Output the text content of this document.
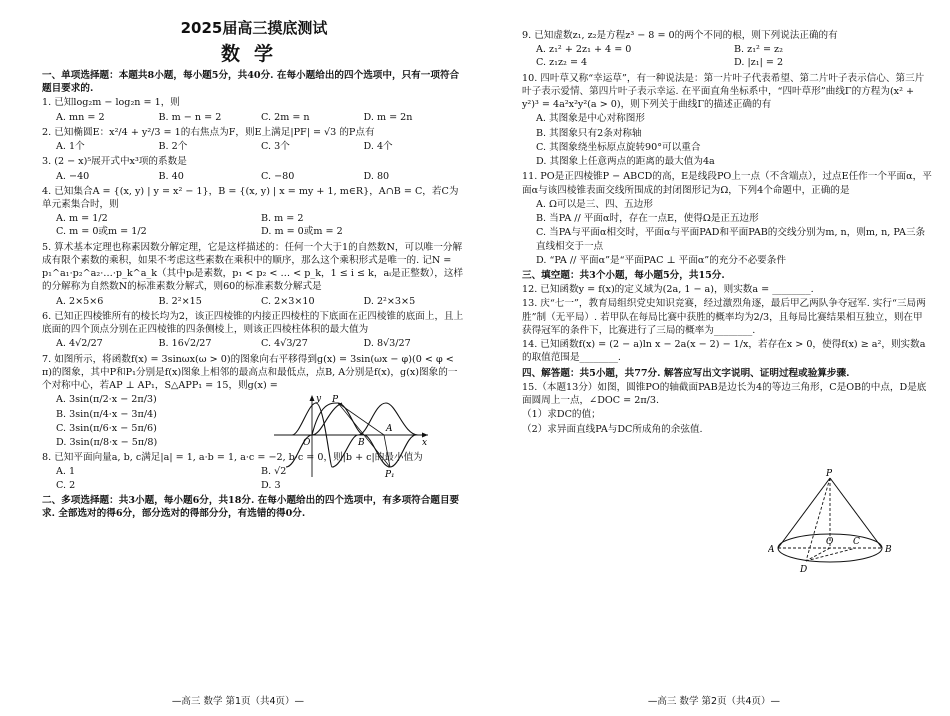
2025届高三摸底测试
数学
一、单项选择题：本题共8小题，每小题5分，共40分. 在每小题给出的四个选项中，只有一项符合题目要求的.
1. 已知log₂m − log₂n = 1，则
A. mn = 2	B. m − n = 2	C. 2m = n	D. m = 2n
2. 已知椭圆E：x²/4 + y²/3 = 1的右焦点为F，则E上满足|PF| = √3 的P点有
A. 1个	B. 2个	C. 3个	D. 4个
3. (2 − x)⁵展开式中x³项的系数是
A. −40	B. 40	C. −80	D. 80
4. 已知集合A = {(x, y) | y = x² − 1}，B = {(x, y) | x = my + 1, m∈R}，A∩B = C，若C为单元素集合时，则
A. m = 1/2	B. m = 2
C. m = 0或m = 1/2	D. m = 0或m = 2
5. 算术基本定理也称素因数分解定理，它是这样描述的：任何一个大于1的自然数N，可以唯一分解成有限个素数的乘积，如果不考虑这些素数在乘积中的顺序，那么这个乘积形式是唯一的. 记N = p₁^a₁·p₂^a₂·…·p_k^a_k（其中pᵢ是素数，p₁ < p₂ < … < p_k，1 ≤ i ≤ k，aᵢ是正整数），这样的分解称为自然数N的标准素数分解式，则60的标准素数分解式是
A. 2×5×6	B. 2²×15	C. 2×3×10	D. 2²×3×5
6. 已知正四棱锥所有的棱长均为2，该正四棱锥的内接正四棱柱的下底面在正四棱锥的底面上，且上底面的四个顶点分别在正四棱锥的四条侧棱上，则该正四棱柱体积的最大值为
A. 4√2/27	B. 16√2/27	C. 4√3/27	D. 8√3/27
7. 如图所示，将函数f(x) = 3sinωx(ω > 0)的图象向右平移得到g(x) = 3sin(ωx − φ)(0 < φ < π)的图象，其中P和P₁分别是f(x)图象上相邻的最高点和最低点，点B, A分别是f(x)，g(x)图象的一个对称中心，若AP ⊥ AP₁，S△APP₁ = 15，则g(x) =
A. 3sin(π/2·x − 2π/3)
B. 3sin(π/4·x − 3π/4)
C. 3sin(π/6·x − 5π/6)
D. 3sin(π/8·x − 5π/8)
P
O	B
A
P₁
x
y
8. 已知平面向量a, b, c满足|a| = 1, a·b = 1, a·c = −2, b·c = 0，则|b + c|的最小值为
A. 1	B. √2
C. 2	D. 3
二、多项选择题：共3小题，每小题6分，共18分. 在每小题给出的四个选项中，有多项符合题目要求. 全部选对的得6分，部分选对的得部分分，有选错的得0分.
—高三 数学 第1页（共4页）—
9. 已知虚数z₁, z₂是方程z³ − 8 = 0的两个不同的根，则下列说法正确的有
A. z₁² + 2z₁ + 4 = 0	B. z₁² = z₂
C. z₁z₂ = 4	D. |z₁| = 2
10. 四叶草又称“幸运草”，有一种说法是：第一片叶子代表希望、第二片叶子表示信心、第三片叶子表示爱情、第四片叶子表示幸运. 在平面直角坐标系中，“四叶草形”曲线Γ的方程为(x² + y²)³ = 4a²x²y²(a > 0)，则下列关于曲线Γ的描述正确的有
A. 其图象是中心对称图形
B. 其图象只有2条对称轴
C. 其图象绕坐标原点旋转90°可以重合
D. 其图象上任意两点的距离的最大值为4a
11. PO是正四棱锥P − ABCD的高，E是线段PO上一点（不含端点），过点E任作一个平面α，平面α与该四棱锥表面交线所围成的封闭图形记为Ω，下列4个命题中，正确的是
A. Ω可以是三、四、五边形
B. 当PA // 平面α时，存在一点E，使得Ω是正五边形
C. 当PA与平面α相交时，平面α与平面PAD和平面PAB的交线分别为m, n，则m, n, PA三条直线相交于一点
D. “PA // 平面α”是“平面PAC ⊥ 平面α”的充分不必要条件
三、填空题：共3个小题，每小题5分，共15分.
12. 已知函数y = f(x)的定义域为(2a, 1 − a)，则实数a = ________.
13. 庆“七一”，教育局组织党史知识竞赛，经过激烈角逐，最后甲乙两队争夺冠军. 实行“三局两胜”制（无平局）. 若甲队在每局比赛中获胜的概率均为2/3，且每局比赛结果相互独立，则在甲获得冠军的条件下，比赛进行了三局的概率为________.
14. 已知函数f(x) = (2 − a)ln x − 2a(x − 2) − 1/x，若存在x > 0，使得f(x) ≥ a²，则实数a的取值范围是________.
四、解答题：共5小题，共77分. 解答应写出文字说明、证明过程或验算步骤.
15.（本题13分）如图，圆锥PO的轴截面PAB是边长为4的等边三角形，C是OB的中点，D是底面圆周上一点，∠DOC = 2π/3.
（1）求DC的值；
（2）求异面直线PA与DC所成角的余弦值.
P
A
O C
B
D
—高三 数学 第2页（共4页）—
